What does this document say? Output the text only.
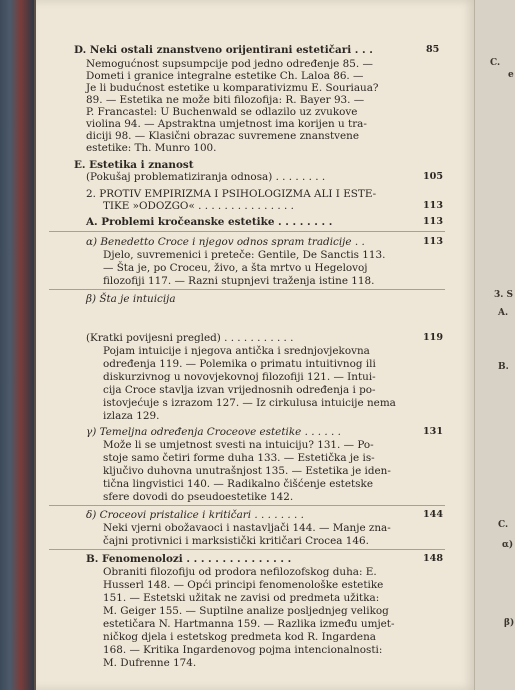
D. Neki ostali znanstveno orijentirani estetičari . . .	85
Nemogućnost supsumpcije pod jedno određenje 85. —
Dometi i granice integralne estetike Ch. Laloa 86. —
Je li budućnost estetike u komparativizmu E. Souriaua?
89. — Estetika ne može biti filozofija: R. Bayer 93. —
P. Francastel: U Buchenwald se odlazilo uz zvukove
violina 94. — Apstraktna umjetnost ima korijen u tra-
diciji 98. — Klasični obrazac suvremene znanstvene
estetike: Th. Munro 100.
E. Estetika i znanost
(Pokušaj problematiziranja odnosa) . . . . . . . .	105
2. PROTIV EMPIRIZMA I PSIHOLOGIZMA ALI I ESTE-
TIKE »ODOZGO« . . . . . . . . . . . . . . .	113
A. Problemi kročeanske estetike . . . . . . . .	113
α) Benedetto Croce i njegov odnos spram tradicije . .	113
Djelo, suvremenici i preteče: Gentile, De Sanctis 113.
— Šta je, po Croceu, živo, a šta mrtvo u Hegelovoj
filozofiji 117. — Razni stupnjevi traženja istine 118.
β) Šta je intuicija
(Kratki povijesni pregled) . . . . . . . . . . .	119
Pojam intuicije i njegova antička i srednjovjekovna
određenja 119. — Polemika o primatu intuitivnog ili
diskurzivnog u novovjekovnoj filozofiji 121. — Intui-
cija Croce stavlja izvan vrijednosnih određenja i po-
istovjećuje s izrazom 127. — Iz cirkulusa intuicije nema
izlaza 129.
γ) Temeljna određenja Croceove estetike . . . . . .	131
Može li se umjetnost svesti na intuiciju? 131. — Po-
stoje samo četiri forme duha 133. — Estetička je is-
ključivo duhovna unutrašnjost 135. — Estetika je iden-
tična lingvistici 140. — Radikalno čišćenje estetske
sfere dovodi do pseudoestetike 142.
δ) Croceovi pristalice i kritičari . . . . . . . .	144
Neki vjerni obožavaoci i nastavljači 144. — Manje zna-
čajni protivnici i marksistički kritičari Crocea 146.
B. Fenomenolozi . . . . . . . . . . . . . . .	148
Obraniti filozofiju od prodora nefilozofskog duha: E.
Husserl 148. — Opći principi fenomenološke estetike
151. — Estetski užitak ne zavisi od predmeta užitka:
M. Geiger 155. — Suptilne analize posljednjeg velikog
estetičara N. Hartmanna 159. — Razlika između umjet-
ničkog djela i estetskog predmeta kod R. Ingardena
168. — Kritika Ingardenovog pojma intencionalnosti:
M. Dufrenne 174.
C.
e
3. S
A.
B.
C.
α)
β)
